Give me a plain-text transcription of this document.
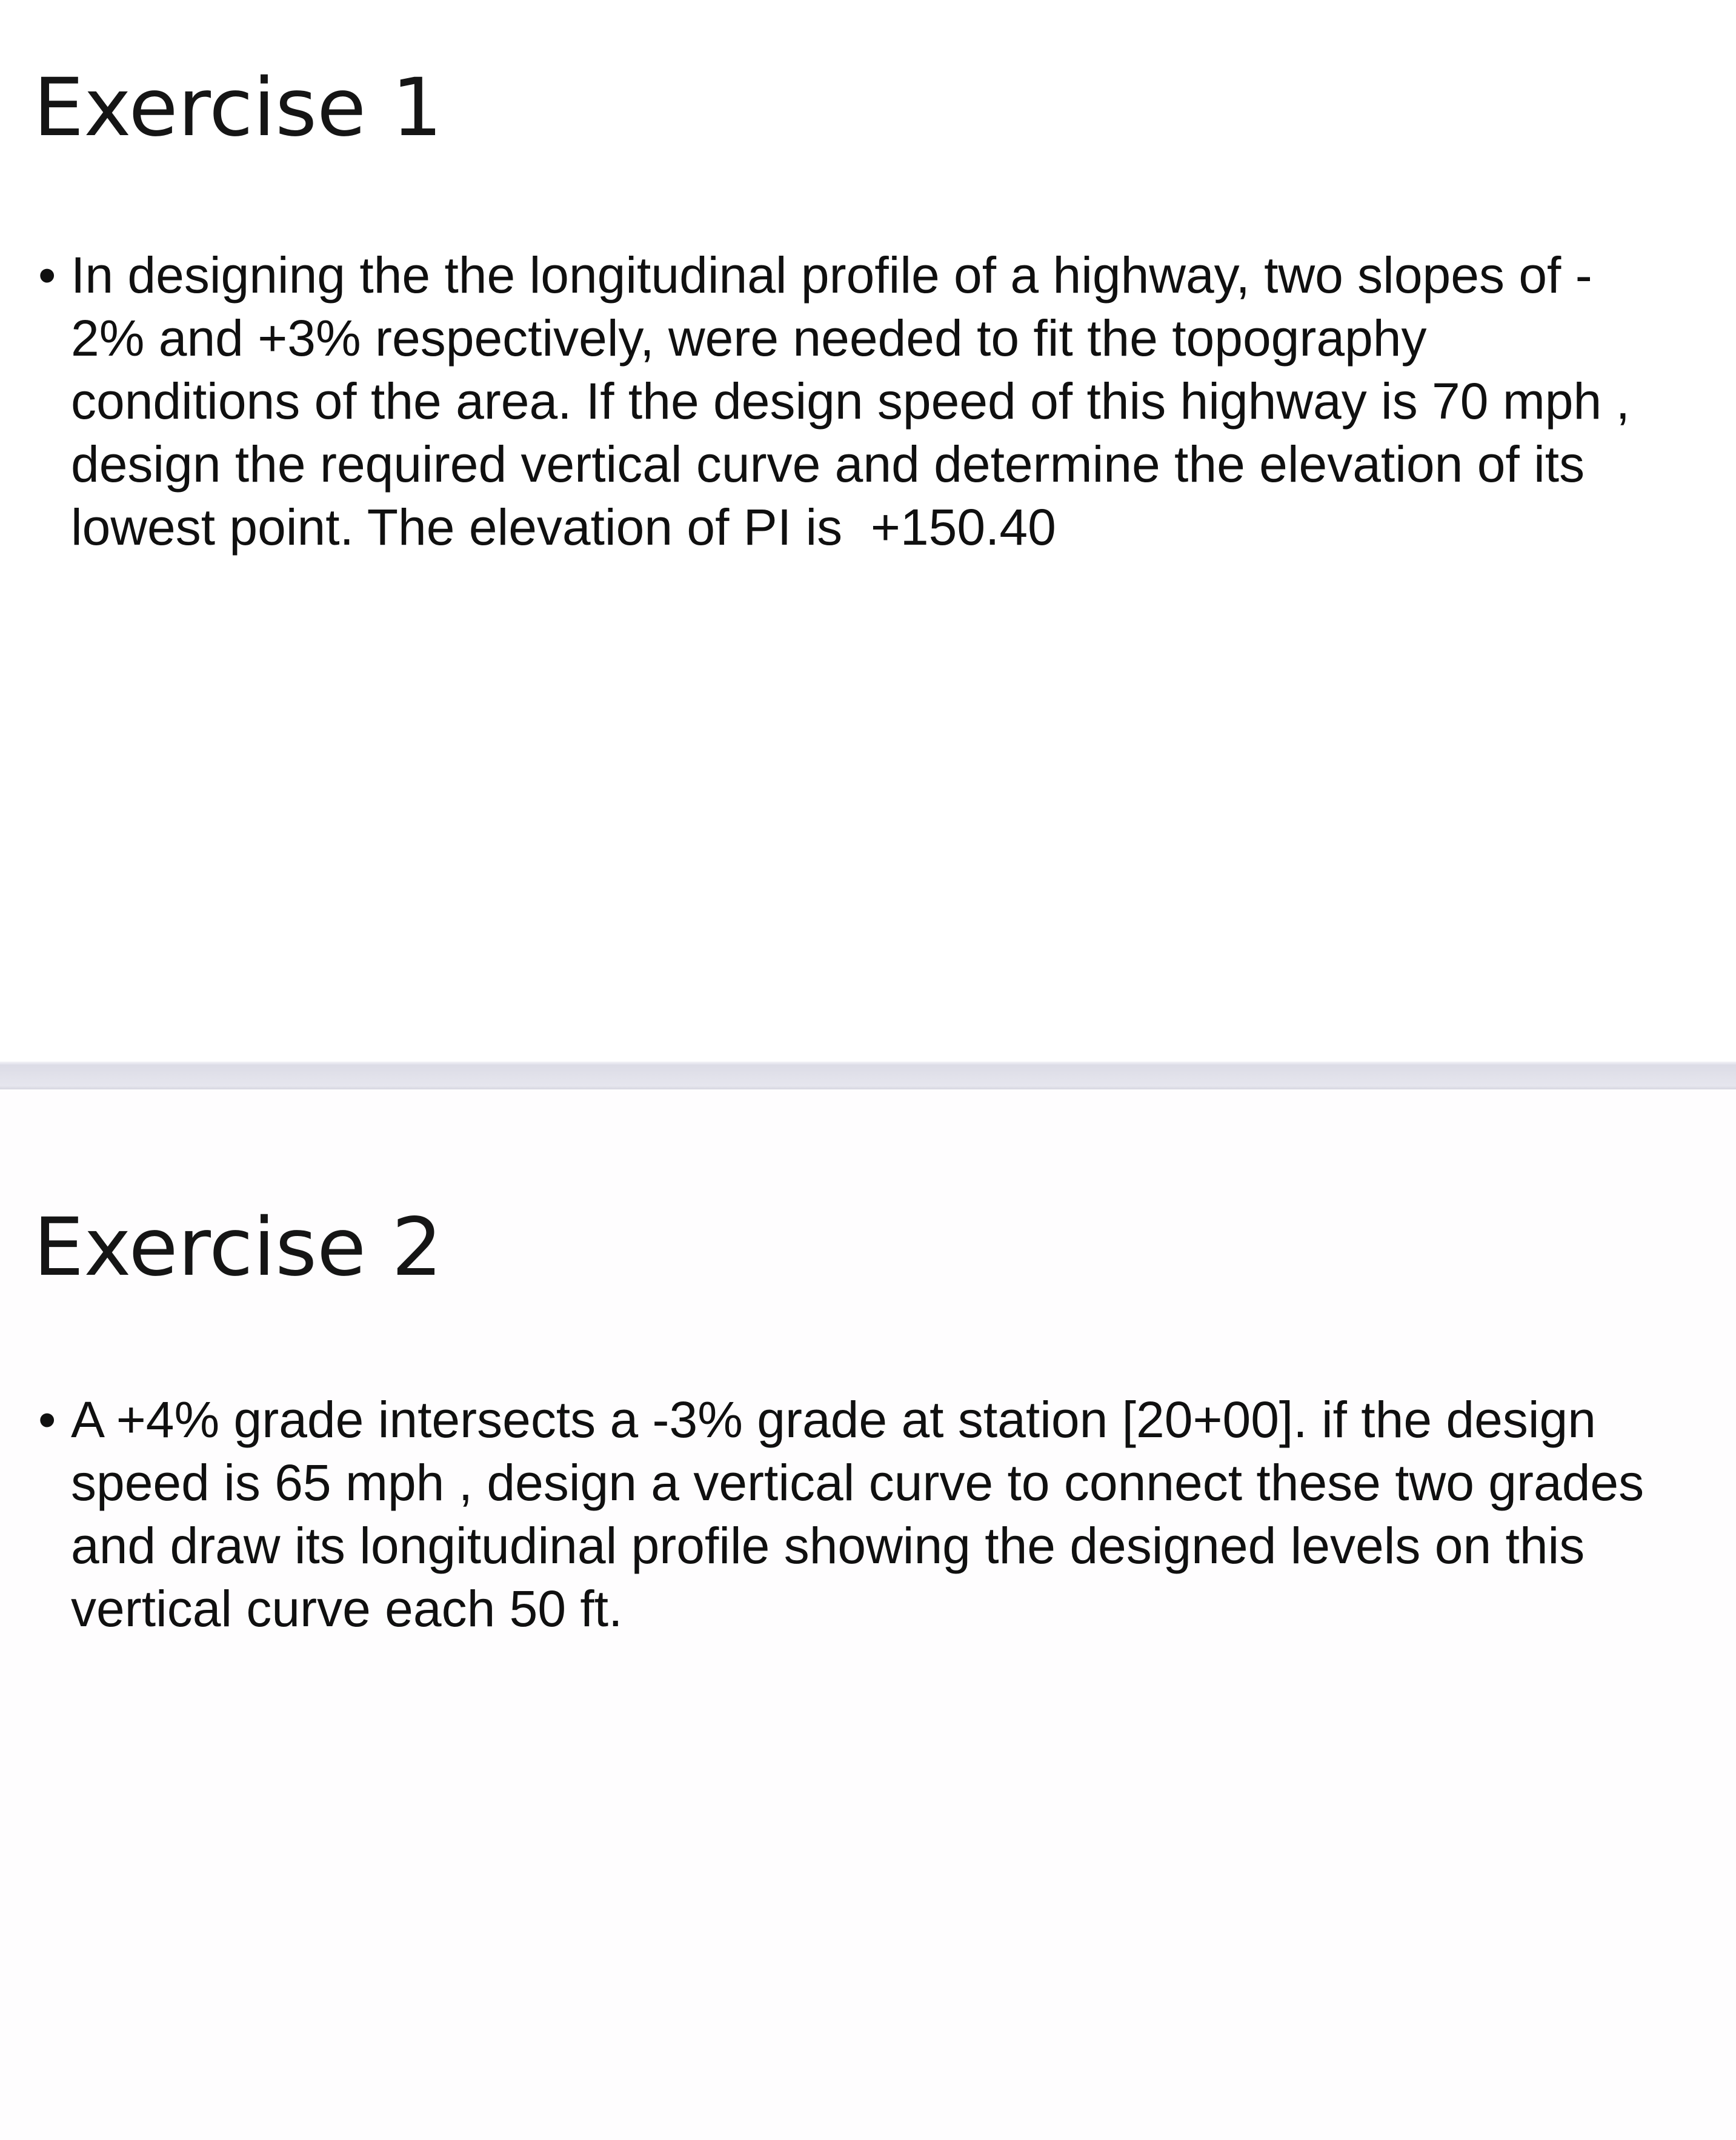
Exercise 1
• In designing the the longitudinal profile of a highway, two slopes of -
2% and +3% respectively, were needed to fit the topography
conditions of the area. If the design speed of this highway is 70 mph ,
design the required vertical curve and determine the elevation of its
lowest point. The elevation of PI is  +150.40
Exercise 2
• A +4% grade intersects a -3% grade at station [20+00]. if the design
speed is 65 mph , design a vertical curve to connect these two grades
and draw its longitudinal profile showing the designed levels on this
vertical curve each 50 ft.
